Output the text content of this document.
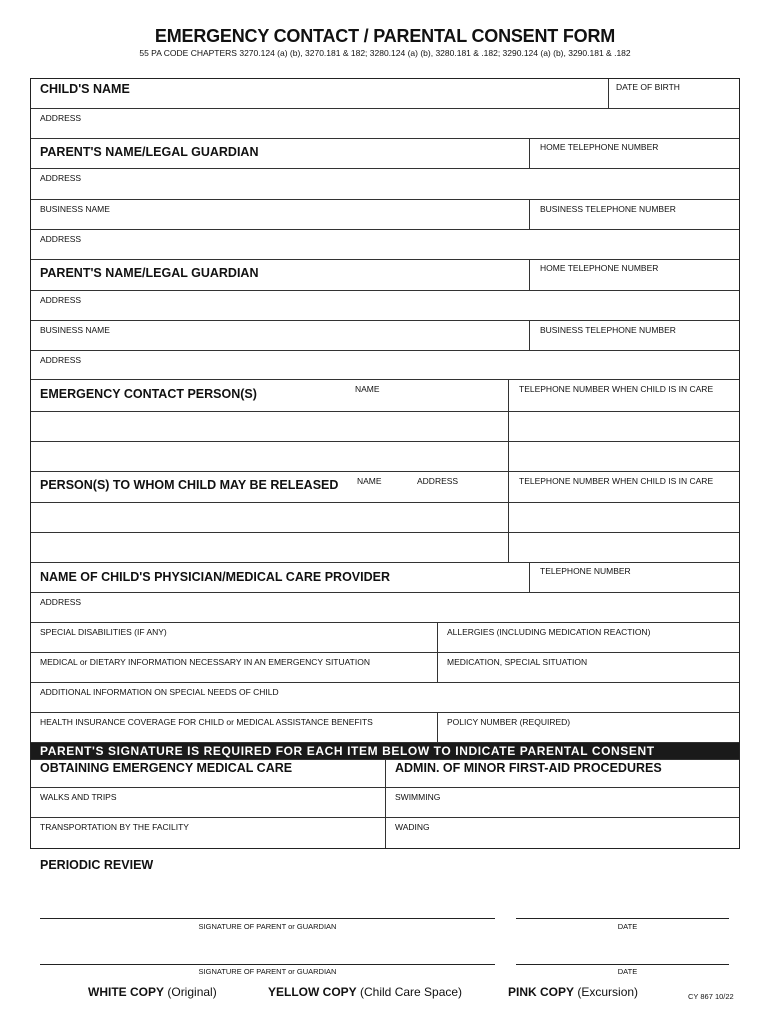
EMERGENCY CONTACT / PARENTAL CONSENT FORM
55 PA CODE CHAPTERS 3270.124 (a) (b), 3270.181 & 182; 3280.124 (a) (b), 3280.181 & .182; 3290.124 (a) (b), 3290.181 & .182
CHILD'S NAME	DATE OF BIRTH
ADDRESS
PARENT'S NAME/LEGAL GUARDIAN	HOME TELEPHONE NUMBER
ADDRESS
BUSINESS NAME	BUSINESS TELEPHONE NUMBER
ADDRESS
PARENT'S NAME/LEGAL GUARDIAN	HOME TELEPHONE NUMBER
ADDRESS
BUSINESS NAME	BUSINESS TELEPHONE NUMBER
ADDRESS
EMERGENCY CONTACT PERSON(S)	NAME	TELEPHONE NUMBER WHEN CHILD IS IN CARE
PERSON(S) TO WHOM CHILD MAY BE RELEASED NAME	ADDRESS	TELEPHONE NUMBER WHEN CHILD IS IN CARE
NAME OF CHILD'S PHYSICIAN/MEDICAL CARE PROVIDER	TELEPHONE NUMBER
ADDRESS
SPECIAL DISABILITIES (IF ANY)	ALLERGIES (INCLUDING MEDICATION REACTION)
MEDICAL or DIETARY INFORMATION NECESSARY IN AN EMERGENCY SITUATION	MEDICATION, SPECIAL SITUATION
ADDITIONAL INFORMATION ON SPECIAL NEEDS OF CHILD
HEALTH INSURANCE COVERAGE FOR CHILD or MEDICAL ASSISTANCE BENEFITS	POLICY NUMBER (REQUIRED)
PARENT'S SIGNATURE IS REQUIRED FOR EACH ITEM BELOW TO INDICATE PARENTAL CONSENT
OBTAINING EMERGENCY MEDICAL CARE	ADMIN. OF MINOR FIRST-AID PROCEDURES
WALKS AND TRIPS	SWIMMING
TRANSPORTATION BY THE FACILITY	WADING
PERIODIC REVIEW
SIGNATURE OF PARENT or GUARDIAN	DATE
SIGNATURE OF PARENT or GUARDIAN	DATE
WHITE COPY (Original)	YELLOW COPY (Child Care Space)	PINK COPY (Excursion)	CY 867 10/22
